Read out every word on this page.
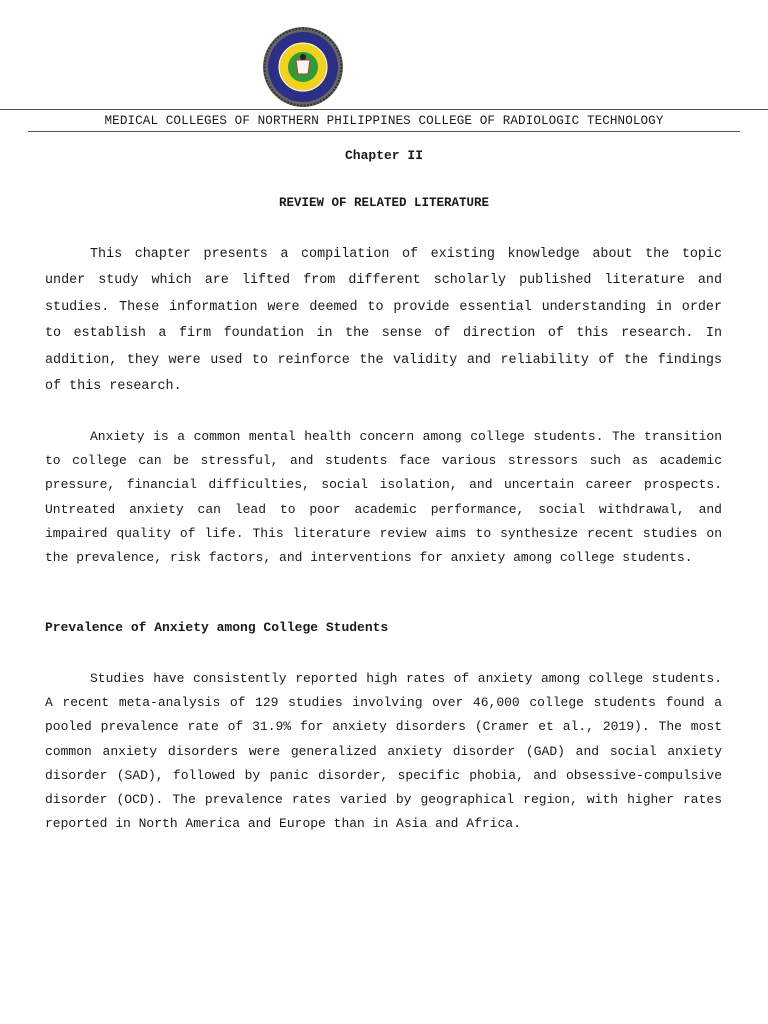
MEDICAL COLLEGES OF NORTHERN PHILIPPINES COLLEGE OF RADIOLOGIC TECHNOLOGY
Chapter II
REVIEW OF RELATED LITERATURE

This chapter presents a compilation of existing knowledge about the topic under study which are lifted from different scholarly published literature and studies. These information were deemed to provide essential understanding in order to establish a firm foundation in the sense of direction of this research. In addition, they were used to reinforce the validity and reliability of the findings of this research.

Anxiety is a common mental health concern among college students. The transition to college can be stressful, and students face various stressors such as academic pressure, financial difficulties, social isolation, and uncertain career prospects. Untreated anxiety can lead to poor academic performance, social withdrawal, and impaired quality of life. This literature review aims to synthesize recent studies on the prevalence, risk factors, and interventions for anxiety among college students.

Prevalence of Anxiety among College Students

Studies have consistently reported high rates of anxiety among college students. A recent meta-analysis of 129 studies involving over 46,000 college students found a pooled prevalence rate of 31.9% for anxiety disorders (Cramer et al., 2019). The most common anxiety disorders were generalized anxiety disorder (GAD) and social anxiety disorder (SAD), followed by panic disorder, specific phobia, and obsessive-compulsive disorder (OCD). The prevalence rates varied by geographical region, with higher rates reported in North America and Europe than in Asia and Africa.
